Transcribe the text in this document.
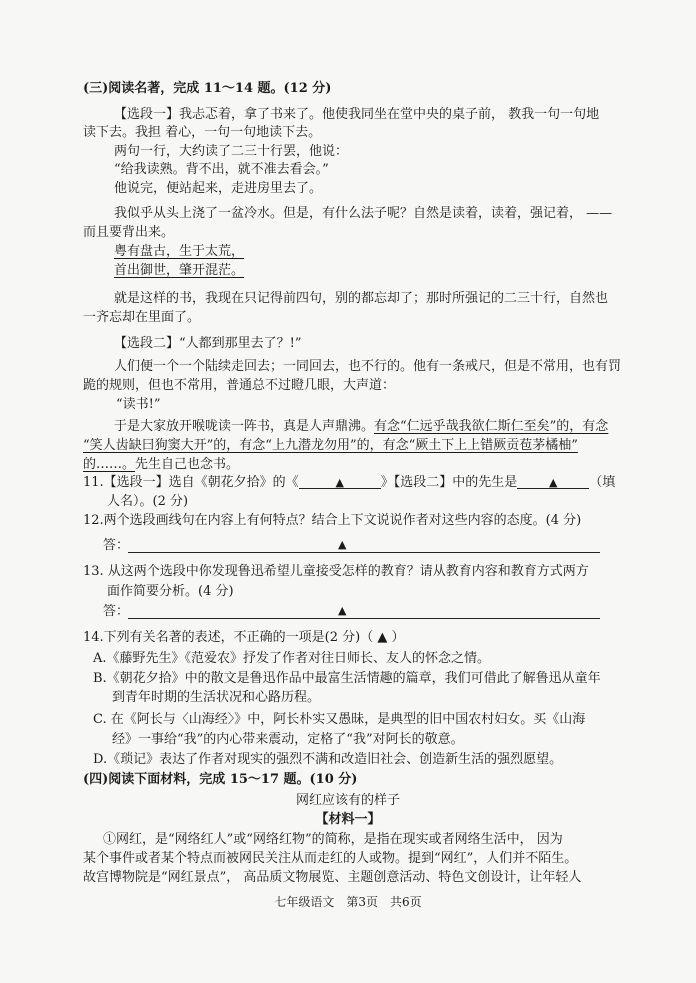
(三)阅读名著，完成 11～14 题。(12 分)
【选段一】我忐忑着，拿了书来了。他使我同坐在堂中央的桌子前， 教我一句一句地
读下去。我担 着心，一句一句地读下去。
两句一行，大约读了二三十行罢，他说：
“给我读熟。背不出，就不准去看会。”
他说完，便站起来，走进房里去了。
我似乎从头上浇了一盆冷水。但是，有什么法子呢？自然是读着，读着，强记着， ——
而且要背出来。
粤有盘古，生于太荒，
首出御世，肇开混茫。
就是这样的书，我现在只记得前四句，别的都忘却了；那时所强记的二三十行，自然也
一齐忘却在里面了。
【选段二】“人都到那里去了？!”
人们便一个一个陆续走回去；一同回去，也不行的。他有一条戒尺，但是不常用，也有罚
跪的规则，但也不常用，普通总不过瞪几眼，大声道：
“读书!”
于是大家放开喉咙读一阵书，真是人声鼎沸。有念“仁远乎哉我欲仁斯仁至矣”的，有念
“笑人齿缺曰狗窦大开”的，有念“上九潜龙勿用”的，有念“厥土下上上错厥贡苞茅橘柚”
的……。先生自己也念书。
11.【选段一】选自《朝花夕拾》的《	▲	》【选段二】中的先生是	▲ （填
人名）。(2 分)
12.两个选段画线句在内容上有何特点？结合上下文说说作者对这些内容的态度。(4 分)
答：	▲
13. 从这两个选段中你发现鲁迅希望儿童接受怎样的教育？请从教育内容和教育方式两方
面作简要分析。(4 分)
答：	▲
14.下列有关名著的表述，不正确的一项是(2 分)（ ▲ ）
A.《藤野先生》《范爱农》抒发了作者对往日师长、友人的怀念之情。
B.《朝花夕拾》中的散文是鲁迅作品中最富生活情趣的篇章，我们可借此了解鲁迅从童年
到青年时期的生活状况和心路历程。
C. 在《阿长与〈山海经〉》中，阿长朴实又愚昧，是典型的旧中国农村妇女。买《山海
经》一事给“我”的内心带来震动，定格了“我”对阿长的敬意。
D.《琐记》表达了作者对现实的强烈不满和改造旧社会、创造新生活的强烈愿望。
(四)阅读下面材料，完成 15～17 题。(10 分)
网红应该有的样子
【材料一】
①网红，是“网络红人”或“网络红物”的简称，是指在现实或者网络生活中， 因为
某个事件或者某个特点而被网民关注从而走红的人或物。提到“网红”，人们并不陌生。
故宫博物院是“网红景点”， 高品质文物展览、主题创意活动、特色文创设计，让年轻人
七年级语文　第3页　共6页
